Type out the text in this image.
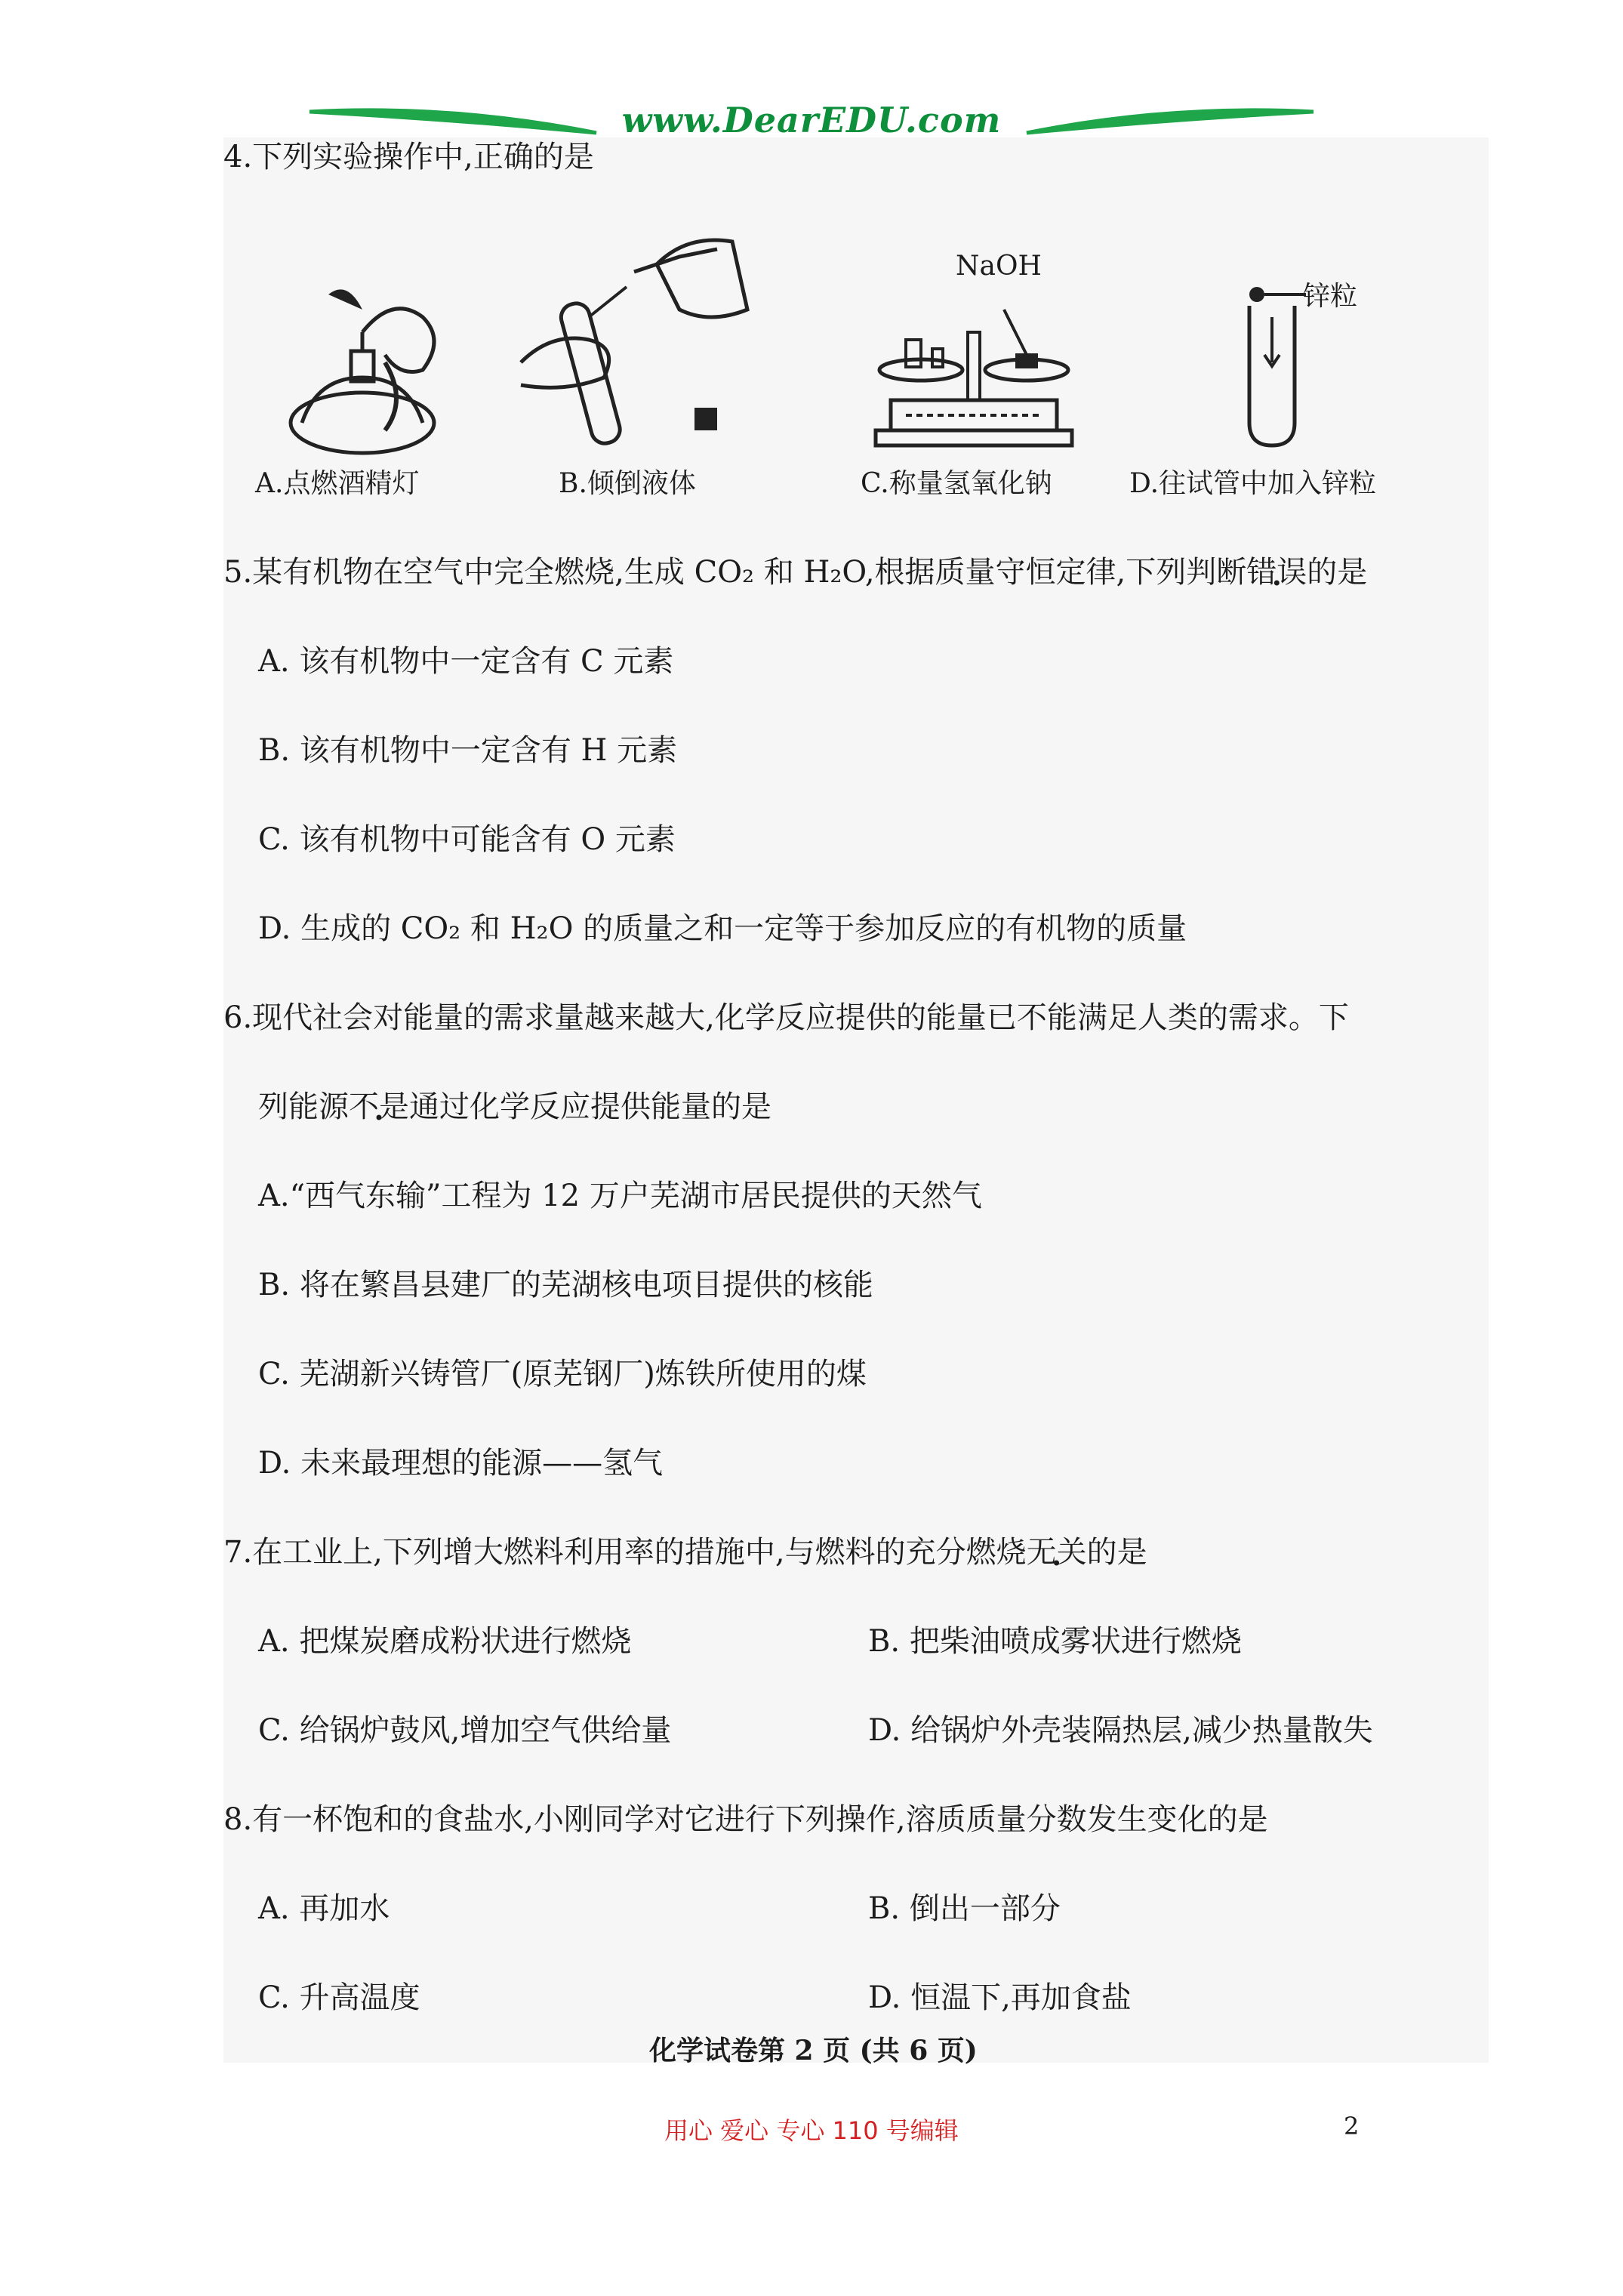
www.DearEDU.com
4.下列实验操作中,正确的是
A.点燃酒精灯	B.倾倒液体
NaOH
C.称量氢氧化钠
锌粒
D.往试管中加入锌粒
5.某有机物在空气中完全燃烧,生成 CO₂ 和 H₂O,根据质量守恒定律,下列判断错误的是
A. 该有机物中一定含有 C 元素
B. 该有机物中一定含有 H 元素
C. 该有机物中可能含有 O 元素
D. 生成的 CO₂ 和 H₂O 的质量之和一定等于参加反应的有机物的质量
6.现代社会对能量的需求量越来越大,化学反应提供的能量已不能满足人类的需求。下
列能源不是通过化学反应提供能量的是
A.“西气东输”工程为 12 万户芜湖市居民提供的天然气
B. 将在繁昌县建厂的芜湖核电项目提供的核能
C. 芜湖新兴铸管厂(原芜钢厂)炼铁所使用的煤
D. 未来最理想的能源——氢气
7.在工业上,下列增大燃料利用率的措施中,与燃料的充分燃烧无关的是
A. 把煤炭磨成粉状进行燃烧	B. 把柴油喷成雾状进行燃烧
C. 给锅炉鼓风,增加空气供给量	D. 给锅炉外壳装隔热层,减少热量散失
8.有一杯饱和的食盐水,小刚同学对它进行下列操作,溶质质量分数发生变化的是
A. 再加水	B. 倒出一部分
C. 升高温度	D. 恒温下,再加食盐
化学试卷第 2 页 (共 6 页)
用心 爱心 专心 110 号编辑	2
